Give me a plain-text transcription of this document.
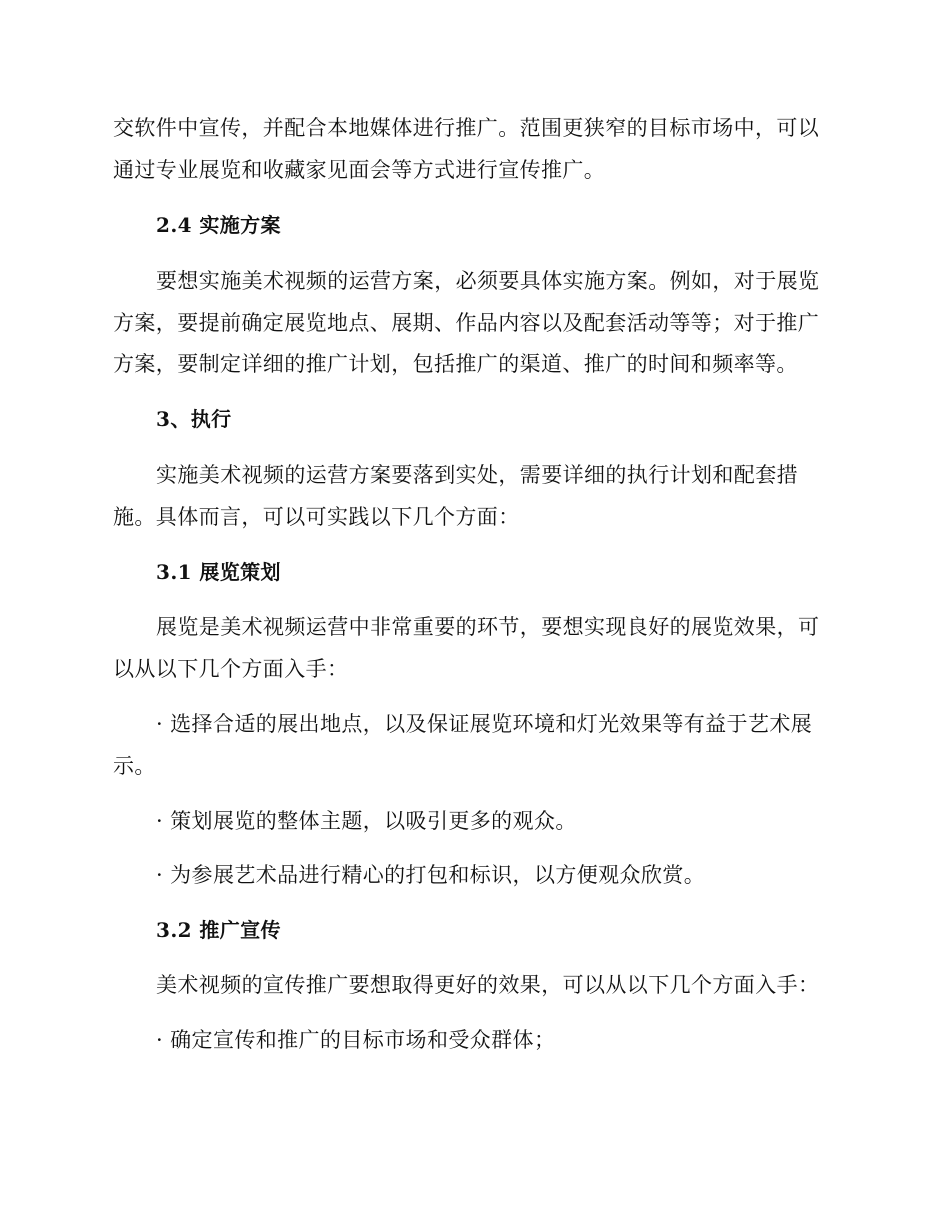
交软件中宣传，并配合本地媒体进行推广。范围更狭窄的目标市场中，可以
通过专业展览和收藏家见面会等方式进行宣传推广。
2.4 实施方案
要想实施美术视频的运营方案，必须要具体实施方案。例如，对于展览
方案，要提前确定展览地点、展期、作品内容以及配套活动等等；对于推广
方案，要制定详细的推广计划，包括推广的渠道、推广的时间和频率等。
3、执行
实施美术视频的运营方案要落到实处，需要详细的执行计划和配套措
施。具体而言，可以可实践以下几个方面：
3.1 展览策划
展览是美术视频运营中非常重要的环节，要想实现良好的展览效果，可
以从以下几个方面入手：
· 选择合适的展出地点，以及保证展览环境和灯光效果等有益于艺术展
示。
· 策划展览的整体主题，以吸引更多的观众。
· 为参展艺术品进行精心的打包和标识，以方便观众欣赏。
3.2 推广宣传
美术视频的宣传推广要想取得更好的效果，可以从以下几个方面入手：
· 确定宣传和推广的目标市场和受众群体；
